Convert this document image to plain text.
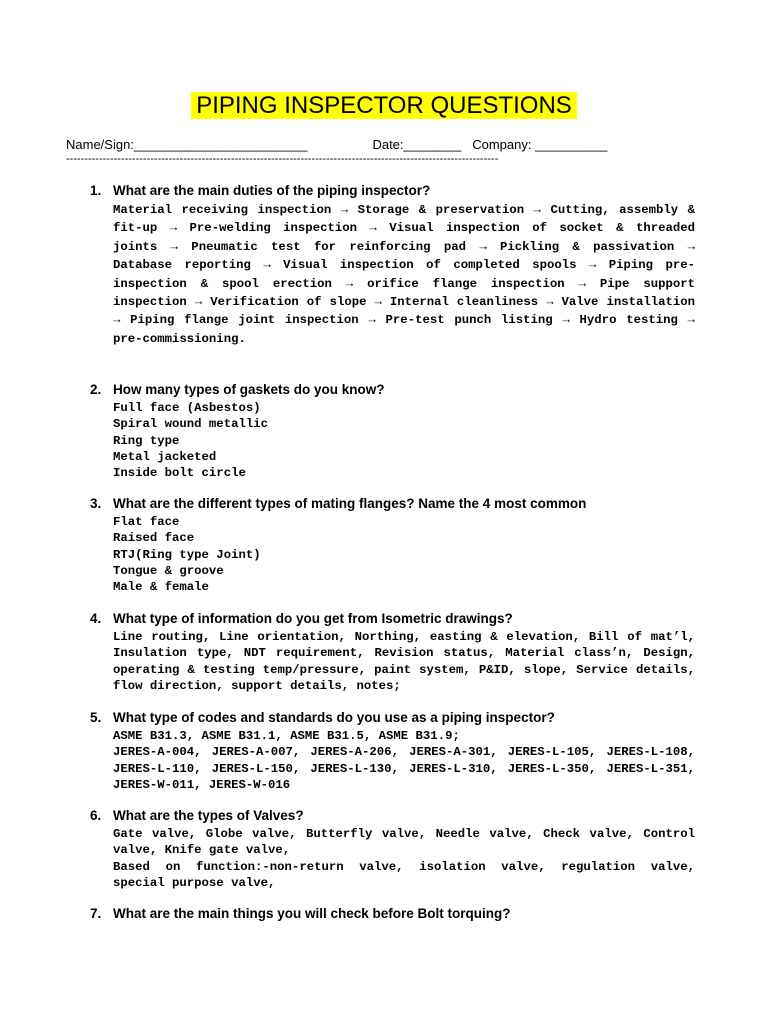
PIPING INSPECTOR QUESTIONS
Name/Sign:________________________                  Date:________   Company: __________
----------------------------------------------------------------------------------------------------------------------
1. What are the main duties of the piping inspector?
Material receiving inspection → Storage & preservation → Cutting, assembly & fit-up → Pre-welding inspection → Visual inspection of socket & threaded joints → Pneumatic test for reinforcing pad → Pickling & passivation → Database reporting → Visual inspection of completed spools → Piping pre-inspection & spool erection → orifice flange inspection → Pipe support inspection → Verification of slope → Internal cleanliness → Valve installation → Piping flange joint inspection → Pre-test punch listing → Hydro testing → pre-commissioning.
2. How many types of gaskets do you know?
Full face (Asbestos)
Spiral wound metallic
Ring type
Metal jacketed
Inside bolt circle
3. What are the different types of mating flanges? Name the 4 most common
Flat face
Raised face
RTJ(Ring type Joint)
Tongue & groove
Male & female
4. What type of information do you get from Isometric drawings?
Line routing, Line orientation, Northing, easting & elevation, Bill of mat’l, Insulation type, NDT requirement, Revision status, Material class’n, Design, operating & testing temp/pressure, paint system, P&ID, slope, Service details, flow direction, support details, notes;
5. What type of codes and standards do you use as a piping inspector?
ASME B31.3, ASME B31.1, ASME B31.5, ASME B31.9;
JERES-A-004, JERES-A-007, JERES-A-206, JERES-A-301, JERES-L-105, JERES-L-108, JERES-L-110, JERES-L-150, JERES-L-130, JERES-L-310, JERES-L-350, JERES-L-351, JERES-W-011, JERES-W-016
6. What are the types of Valves?
Gate valve, Globe valve, Butterfly valve, Needle valve, Check valve, Control valve, Knife gate valve,
Based on function:-non-return valve, isolation valve, regulation valve, special purpose valve,
7. What are the main things you will check before Bolt torquing?
